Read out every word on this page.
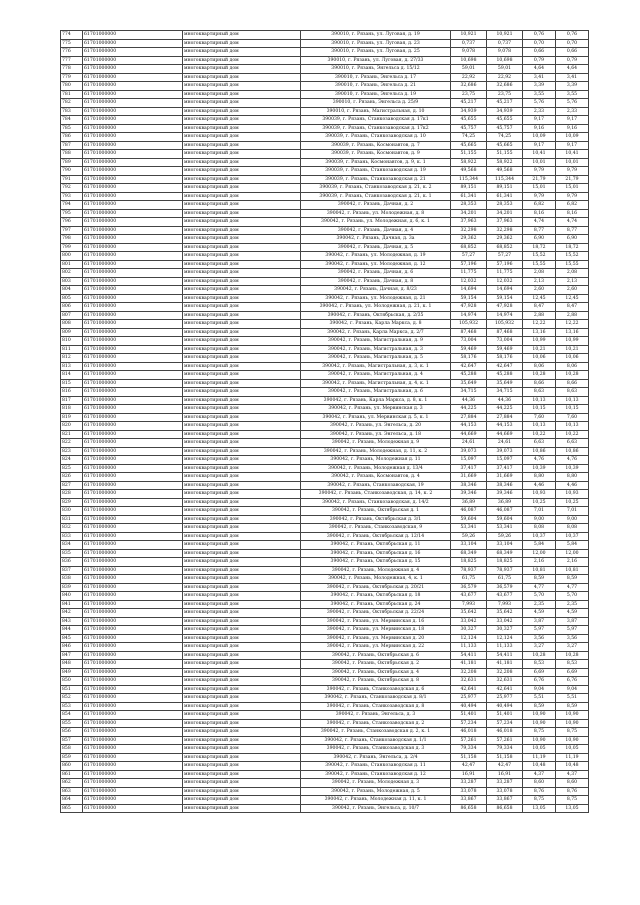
774	61701000000	многоквартирный дом	390010, г. Рязань, ул. Луговая, д. 19	10,921	10,921	0,76	0,76
775	61701000000	многоквартирный дом	390010, г. Рязань, ул. Луговая, д. 23	0,737	0,737	0,70	0,70
776	61701000000	многоквартирный дом	390010, г. Рязань, ул. Луговая, д. 25	9,078	9,078	0,66	0,66
777	61701000000	многоквартирный дом	390010, г. Рязань, ул. Луговая, д. 27/33	10,698	10,698	0,79	0,79
778	61701000000	многоквартирный дом	390010, г. Рязань, Энгельса д. 15/12	59,01	59,01	4,64	4,64
779	61701000000	многоквартирный дом	390010, г. Рязань, Энгельса д. 17	22,92	22,92	3,41	3,41
780	61701000000	многоквартирный дом	390010, г. Рязань, Энгельса д. 21	32,686	32,686	3,39	3,39
781	61701000000	многоквартирный дом	390010, г. Рязань, Энгельса д. 19	23,75	23,75	3,55	3,55
782	61701000000	многоквартирный дом	390010, г. Рязань, Энгельса д. 25/9	45,217	45,217	5,76	5,76
783	61701000000	многоквартирный дом	390010, г. Рязань, Магистральная, д. 10	34,939	34,939	2,33	2,33
784	61701000000	многоквартирный дом	390039, г. Рязань, Станкозаводская д. 17к1	45,655	45,655	9,17	9,17
785	61701000000	многоквартирный дом	390039, г. Рязань, Станкозаводская д. 17к2	45,757	45,757	9,16	9,16
786	61701000000	многоквартирный дом	390039, г. Рязань, Станкозаводская д. 10	74,25	74,25	10,09	10,09
787	61701000000	многоквартирный дом	390039, г. Рязань, Космонавтов, д. 7	45,665	45,665	9,17	9,17
788	61701000000	многоквартирный дом	390039, г. Рязань, Космонавтов, д. 9	51,155	51,155	10,41	10,41
789	61701000000	многоквартирный дом	390039, г. Рязань, Космонавтов, д. 9, к. 1	58,922	58,922	10,01	10,01
790	61701000000	многоквартирный дом	390039, г. Рязань, Станкозаводская д. 19	49,568	49,568	9,79	9,79
791	61701000000	многоквартирный дом	390039, г. Рязань, Станкозаводская д. 21	115,344	115,344	21,79	21,79
792	61701000000	многоквартирный дом	390039, г. Рязань, Станкозаводская д. 21, к. 2	89,151	89,151	15,01	15,01
793	61701000000	многоквартирный дом	390039, г. Рязань, Станкозаводская д. 21, к. 1	61,341	61,341	9,79	9,79
794	61701000000	многоквартирный дом	390042, г. Рязань, Дачная, д. 2	28,353	28,353	6,82	6,82
795	61701000000	многоквартирный дом	390042, г. Рязань, ул. Молодежная, д. 8	34,201	34,201	8,16	8,16
796	61701000000	многоквартирный дом	390042, г. Рязань, ул. Молодежная, д. 6, к. 1	37,963	37,963	4,74	4,74
797	61701000000	многоквартирный дом	390042, г. Рязань, Дачная, д. 4	32,298	32,298	8,77	8,77
798	61701000000	многоквартирный дом	390042, г. Рязань, Дачная, д. 3а	29,362	29,362	6,90	6,90
799	61701000000	многоквартирный дом	390042, г. Рязань, Дачная, д. 5	68,852	68,852	18,72	18,72
800	61701000000	многоквартирный дом	390042, г. Рязань, ул. Молодежная, д. 19	57,27	57,27	15,52	15,52
801	61701000000	многоквартирный дом	390042, г. Рязань, ул. Молодежная, д. 12	57,196	57,196	15,55	15,55
802	61701000000	многоквартирный дом	390042, г. Рязань, Дачная, д. 6	11,775	11,775	2,08	2,08
803	61701000000	многоквартирный дом	390042, г. Рязань, Дачная, д. 8	12,032	12,032	2,13	2,13
804	61701000000	многоквартирный дом	390042, г. Рязань, Дачная, д. 8/23	14,694	14,694	2,60	2,60
805	61701000000	многоквартирный дом	390042, г. Рязань, ул. Молодежная, д. 21	59,154	59,154	12,45	12,45
806	61701000000	многоквартирный дом	390042, г. Рязань, ул. Молодежная, д. 21, к. 1	47,928	47,928	8,47	8,47
807	61701000000	многоквартирный дом	390042, г. Рязань, Октябрьская, д. 2/35	14,974	14,974	2,88	2,88
808	61701000000	многоквартирный дом	390042, г. Рязань, Карла Маркса, д. 8	105,932	105,932	12,22	12,22
809	61701000000	многоквартирный дом	390042, г. Рязань, Карла Маркса, д. 2/7	87,468	87,468	13,16	13,16
810	61701000000	многоквартирный дом	390042, г. Рязань, Магистральная, д. 9	73,004	73,004	10,99	10,99
811	61701000000	многоквартирный дом	390042, г. Рязань, Магистральная, д. 3	59,469	59,469	10,21	10,21
812	61701000000	многоквартирный дом	390042, г. Рязань, Магистральная, д. 5	58,176	58,176	10,06	10,06
813	61701000000	многоквартирный дом	390042, г. Рязань, Магистральная, д. 3, к. 1	42,647	42,647	8,06	8,06
814	61701000000	многоквартирный дом	390042, г. Рязань, Магистральная, д. 4	45,288	45,288	10,28	10,28
815	61701000000	многоквартирный дом	390042, г. Рязань, Магистральная, д. 4, к. 1	35,649	35,649	8,66	8,66
816	61701000000	многоквартирный дом	390042, г. Рязань, Магистральная, д. 6	34,715	34,715	8,63	8,63
817	61701000000	многоквартирный дом	390042, г. Рязань, Карла Маркса, д. 8, к. 1	44,36	44,36	10,13	10,13
818	61701000000	многоквартирный дом	390042, г. Рязань, ул. Мервинская д. 3	44,225	44,225	10,15	10,15
819	61701000000	многоквартирный дом	390042, г. Рязань, ул. Мервинская д. 5, к. 1	27,884	27,884	7,60	7,60
820	61701000000	многоквартирный дом	390042, г. Рязань, ул. Энгельса, д. 20	44,153	44,153	10,13	10,13
821	61701000000	многоквартирный дом	390042, г. Рязань, ул. Энгельса, д. 18	44,669	44,669	10,22	10,22
822	61701000000	многоквартирный дом	390042, г. Рязань, Молодежная д. 9	24,61	24,61	6,63	6,63
823	61701000000	многоквартирный дом	390042, г. Рязань, Молодежная, д. 11, к. 2	39,073	39,073	10,86	10,86
824	61701000000	многоквартирный дом	390042, г. Рязань, Молодежная д. 11	15,097	15,097	4,76	4,76
825	61701000000	многоквартирный дом	390042, г. Рязань, Молодежная д. 13/4	37,417	37,417	10,39	10,39
826	61701000000	многоквартирный дом	390042, г. Рязань, Космонавтов, д. 4	31,669	31,669	8,80	8,80
827	61701000000	многоквартирный дом	390042, г. Рязань, Станкозаводская, 19	38,346	38,346	4,46	4,46
828	61701000000	многоквартирный дом	390042, г. Рязань, Станкозаводская, д. 14, к. 2	39,346	39,346	10,93	10,93
829	61701000000	многоквартирный дом	390042, г. Рязань, Станкозаводская, д. 14/2	36,89	36,89	10,25	10,25
830	61701000000	многоквартирный дом	390042, г. Рязань, Октябрьская д. 1	46,087	46,087	7,01	7,01
831	61701000000	многоквартирный дом	390042, г. Рязань, Октябрьская д. 3/1	59,604	59,604	9,00	9,00
832	61701000000	многоквартирный дом	390042, г. Рязань, Станкозаводская, 9	53,341	53,341	8,08	8,08
833	61701000000	многоквартирный дом	390042, г. Рязань, Октябрьская д. 12/14	59,26	59,26	10,37	10,37
834	61701000000	многоквартирный дом	390042, г. Рязань, Октябрьская д. 11	33,104	33,104	5,84	5,84
835	61701000000	многоквартирный дом	390042, г. Рязань, Октябрьская д. 16	68,349	68,349	12,00	12,00
836	61701000000	многоквартирный дом	390042, г. Рязань, Октябрьская д. 15	18,825	18,825	2,16	2,16
837	61701000000	многоквартирный дом	390042, г. Рязань, Молодежная д. 4	78,937	78,937	10,81	10,81
838	61701000000	многоквартирный дом	390042, г. Рязань, Молодежная, 4, к. 1	61,75	61,75	8,59	8,59
839	61701000000	многоквартирный дом	390042, г. Рязань, Октябрьская д. 20/21	36,579	36,579	4,77	4,77
840	61701000000	многоквартирный дом	390042, г. Рязань, Октябрьская д. 18	43,677	43,677	5,70	5,70
841	61701000000	многоквартирный дом	390042, г. Рязань, Октябрьская д. 24	7,993	7,993	2,35	2,35
842	61701000000	многоквартирный дом	390042, г. Рязань, Октябрьская д. 22/24	35,642	35,642	4,59	4,59
843	61701000000	многоквартирный дом	390042, г. Рязань, ул. Мервинская д. 16	33,042	33,042	3,87	3,87
844	61701000000	многоквартирный дом	390042, г. Рязань, ул. Мервинская д. 18	30,327	30,327	5,97	5,97
845	61701000000	многоквартирный дом	390042, г. Рязань, ул. Мервинская д. 20	12,124	12,124	3,56	3,56
846	61701000000	многоквартирный дом	390042, г. Рязань, ул. Мервинская д. 22	11,133	11,133	3,27	3,27
847	61701000000	многоквартирный дом	390042, г. Рязань, Октябрьская д. 6	54,411	54,411	10,28	10,28
848	61701000000	многоквартирный дом	390042, г. Рязань, Октябрьская д. 2	41,181	41,181	8,53	8,53
849	61701000000	многоквартирный дом	390042, г. Рязань, Октябрьская д. 4	32,208	32,208	6,69	6,69
850	61701000000	многоквартирный дом	390042, г. Рязань, Октябрьская д. 8	32,631	32,631	6,76	6,76
851	61701000000	многоквартирный дом	390042, г. Рязань, Станкозаводская д. 6	42,641	42,641	9,04	9,04
852	61701000000	многоквартирный дом	390042, г. Рязань, Станкозаводская д. 8/1	25,977	25,977	5,51	5,51
853	61701000000	многоквартирный дом	390042, г. Рязань, Станкозаводская д. 8	40,494	40,494	8,59	8,59
854	61701000000	многоквартирный дом	390042, г. Рязань, Энгельса, д. 3	51,401	51,401	10,90	10,90
855	61701000000	многоквартирный дом	390042, г. Рязань, Станкозаводская д. 2	57,234	57,234	10,90	10,90
856	61701000000	многоквартирный дом	390042, г. Рязань, Станкозаводская д. 2, к. 1	46,018	46,018	8,75	8,75
857	61701000000	многоквартирный дом	390042, г. Рязань, Станкозаводская д. 1/1	57,261	57,261	10,90	10,90
858	61701000000	многоквартирный дом	390042, г. Рязань, Станкозаводская д. 3	79,334	79,334	10,05	10,05
859	61701000000	многоквартирный дом	390042, г. Рязань, Энгельса, д. 2/4	51,158	51,158	11,19	11,19
860	61701000000	многоквартирный дом	390042, г. Рязань, Станкозаводская д. 11	42,47	42,47	10,48	10,48
861	61701000000	многоквартирный дом	390042, г. Рязань, Станкозаводская д. 12	16,91	16,91	4,37	4,37
862	61701000000	многоквартирный дом	390042, г. Рязань, Молодежная д. 3	33,287	33,287	8,60	8,60
863	61701000000	многоквартирный дом	390042, г. Рязань, Молодежная, д. 5	33,078	33,078	8,76	8,76
864	61701000000	многоквартирный дом	390042, г. Рязань, Молодежная д. 11, к. 1	33,867	33,867	8,75	8,75
865	61701000000	многоквартирный дом	390042, г. Рязань, Энгельса, д. 10/7	86,658	86,658	13,05	13,05
